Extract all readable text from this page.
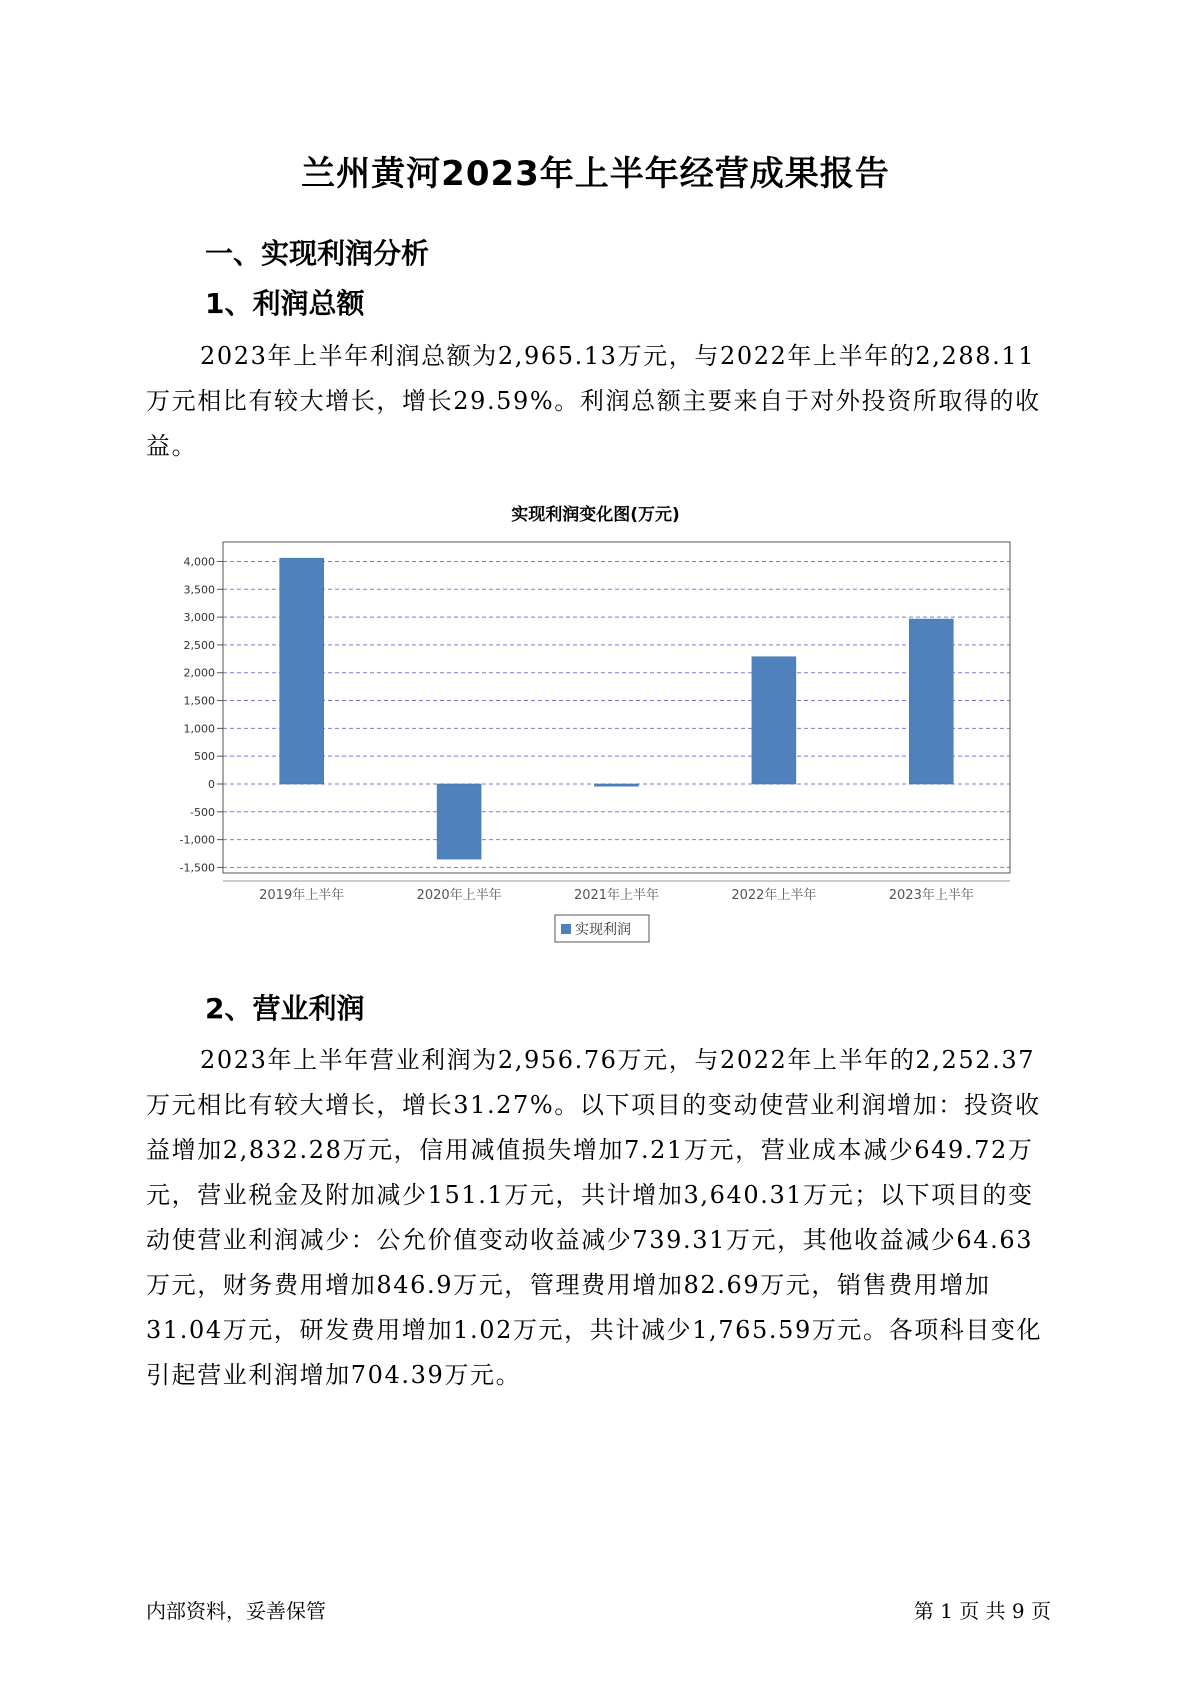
兰州黄河2023年上半年经营成果报告
一、实现利润分析
1、利润总额

2023年上半年利润总额为2,965.13万元，与2022年上半年的2,288.11万元相比有较大增长，增长29.59%。利润总额主要来自于对外投资所取得的收益。

实现利润变化图(万元)
4,000
3,500
3,000
2,500
2,000
1,500
1,000
500
0
-500
-1,000
-1,500
2019年上半年	2020年上半年	2021年上半年	2022年上半年	2023年上半年
实现利润
2、营业利润

2023年上半年营业利润为2,956.76万元，与2022年上半年的2,252.37万元相比有较大增长，增长31.27%。以下项目的变动使营业利润增加：投资收益增加2,832.28万元，信用减值损失增加7.21万元，营业成本减少649.72万元，营业税金及附加减少151.1万元，共计增加3,640.31万元；以下项目的变动使营业利润减少：公允价值变动收益减少739.31万元，其他收益减少64.63万元，财务费用增加846.9万元，管理费用增加82.69万元，销售费用增加31.04万元，研发费用增加1.02万元，共计减少1,765.59万元。各项科目变化引起营业利润增加704.39万元。

内部资料，妥善保管	第 1 页 共 9 页
